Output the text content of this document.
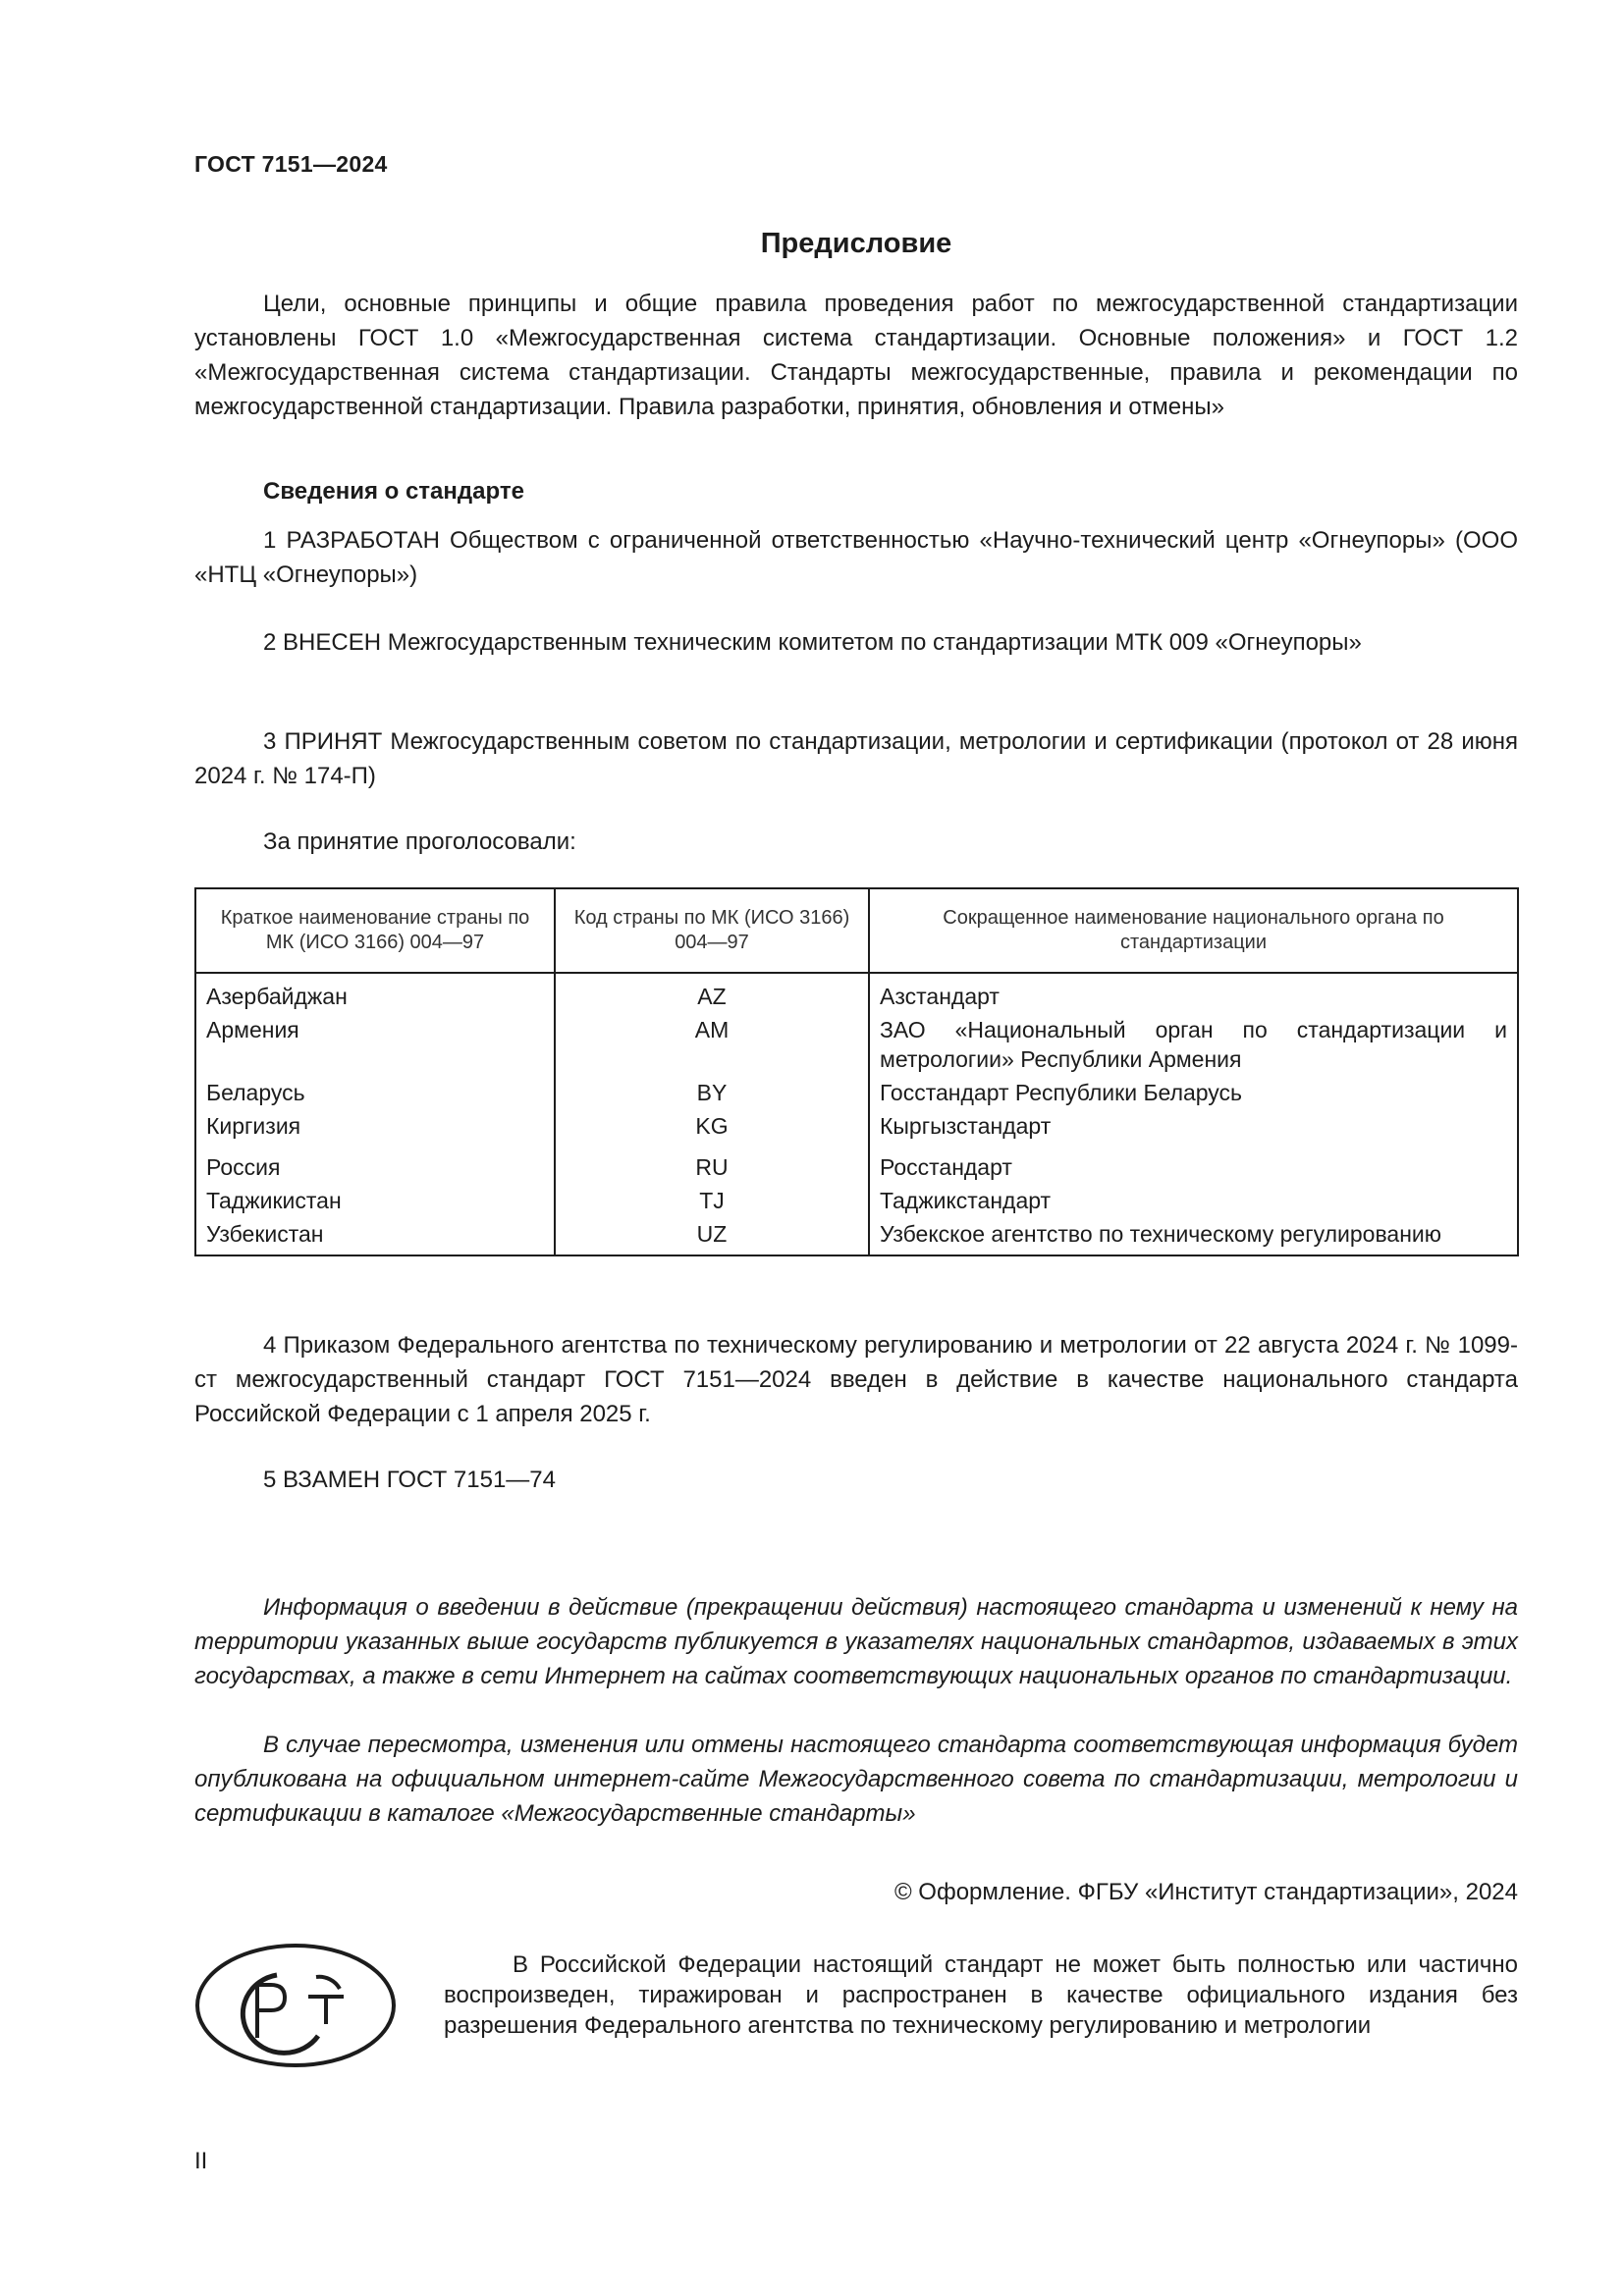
ГОСТ 7151—2024
Предисловие
Цели, основные принципы и общие правила проведения работ по межгосударственной стандартизации установлены ГОСТ 1.0 «Межгосударственная система стандартизации. Основные положения» и ГОСТ 1.2 «Межгосударственная система стандартизации. Стандарты межгосударственные, правила и рекомендации по межгосударственной стандартизации. Правила разработки, принятия, обновления и отмены»
Сведения о стандарте
1 РАЗРАБОТАН Обществом с ограниченной ответственностью «Научно-технический центр «Огнеупоры» (ООО «НТЦ «Огнеупоры»)
2 ВНЕСЕН Межгосударственным техническим комитетом по стандартизации МТК 009 «Огнеупоры»
3 ПРИНЯТ Межгосударственным советом по стандартизации, метрологии и сертификации (протокол от 28 июня 2024 г. № 174-П)
За принятие проголосовали:
Краткое наименование страны по МК (ИСО 3166) 004—97	Код страны по МК (ИСО 3166) 004—97	Сокращенное наименование национального органа по стандартизации
Азербайджан	AZ	Азстандарт
Армения	AM	ЗАО «Национальный орган по стандартизации и метрологии» Республики Армения
Беларусь	BY	Госстандарт Республики Беларусь
Киргизия	KG	Кыргызстандарт
Россия	RU	Росстандарт
Таджикистан	TJ	Таджикстандарт
Узбекистан	UZ	Узбекское агентство по техническому регулированию
4 Приказом Федерального агентства по техническому регулированию и метрологии от 22 августа 2024 г. № 1099-ст межгосударственный стандарт ГОСТ 7151—2024 введен в действие в качестве национального стандарта Российской Федерации с 1 апреля 2025 г.
5 ВЗАМЕН ГОСТ 7151—74
Информация о введении в действие (прекращении действия) настоящего стандарта и изменений к нему на территории указанных выше государств публикуется в указателях национальных стандартов, издаваемых в этих государствах, а также в сети Интернет на сайтах соответствующих национальных органов по стандартизации.
В случае пересмотра, изменения или отмены настоящего стандарта соответствующая информация будет опубликована на официальном интернет-сайте Межгосударственного совета по стандартизации, метрологии и сертификации в каталоге «Межгосударственные стандарты»
© Оформление. ФГБУ «Институт стандартизации», 2024
В Российской Федерации настоящий стандарт не может быть полностью или частично воспроизведен, тиражирован и распространен в качестве официального издания без разрешения Федерального агентства по техническому регулированию и метрологии
II
